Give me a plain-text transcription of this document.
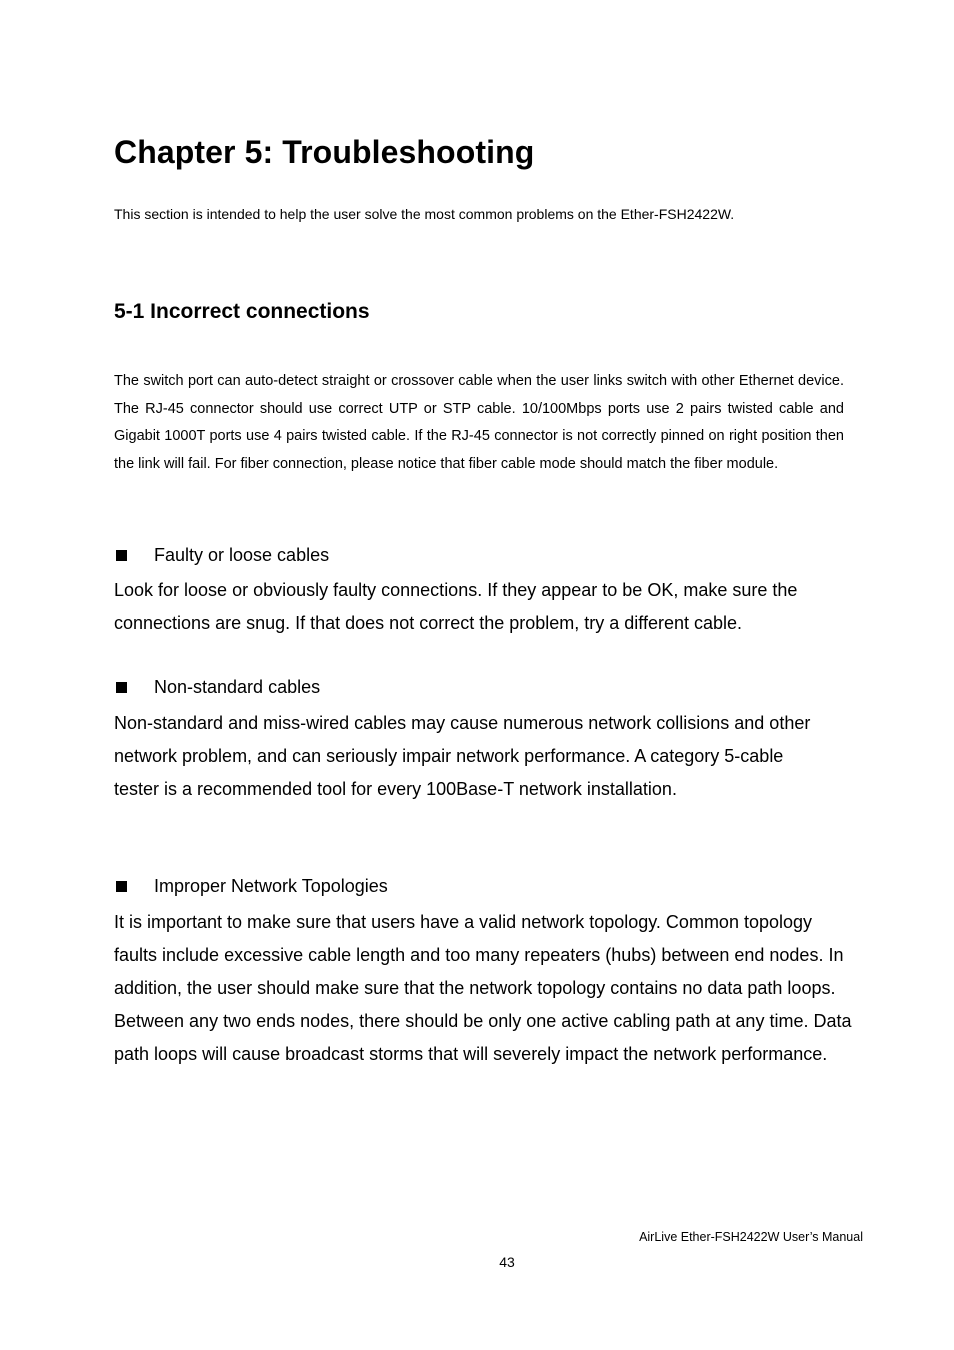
Chapter 5: Troubleshooting

This section is intended to help the user solve the most common problems on the Ether-FSH2422W.

5-1 Incorrect connections

The switch port can auto-detect straight or crossover cable when the user links switch with other Ethernet device. The RJ-45 connector should use correct UTP or STP cable. 10/100Mbps ports use 2 pairs twisted cable and Gigabit 1000T ports use 4 pairs twisted cable. If the RJ-45 connector is not correctly pinned on right position then the link will fail. For fiber connection, please notice that fiber cable mode should match the fiber module.

Faulty or loose cables

Look for loose or obviously faulty connections. If they appear to be OK, make sure the connections are snug. If that does not correct the problem, try a different cable.

Non-standard cables

Non-standard and miss-wired cables may cause numerous network collisions and other network problem, and can seriously impair network performance. A category 5-cable tester is a recommended tool for every 100Base-T network installation.

Improper Network Topologies

It is important to make sure that users have a valid network topology. Common topology faults include excessive cable length and too many repeaters (hubs) between end nodes. In addition, the user should make sure that the network topology contains no data path loops. Between any two ends nodes, there should be only one active cabling path at any time. Data path loops will cause broadcast storms that will severely impact the network performance.

AirLive Ether-FSH2422W User’s Manual

43
